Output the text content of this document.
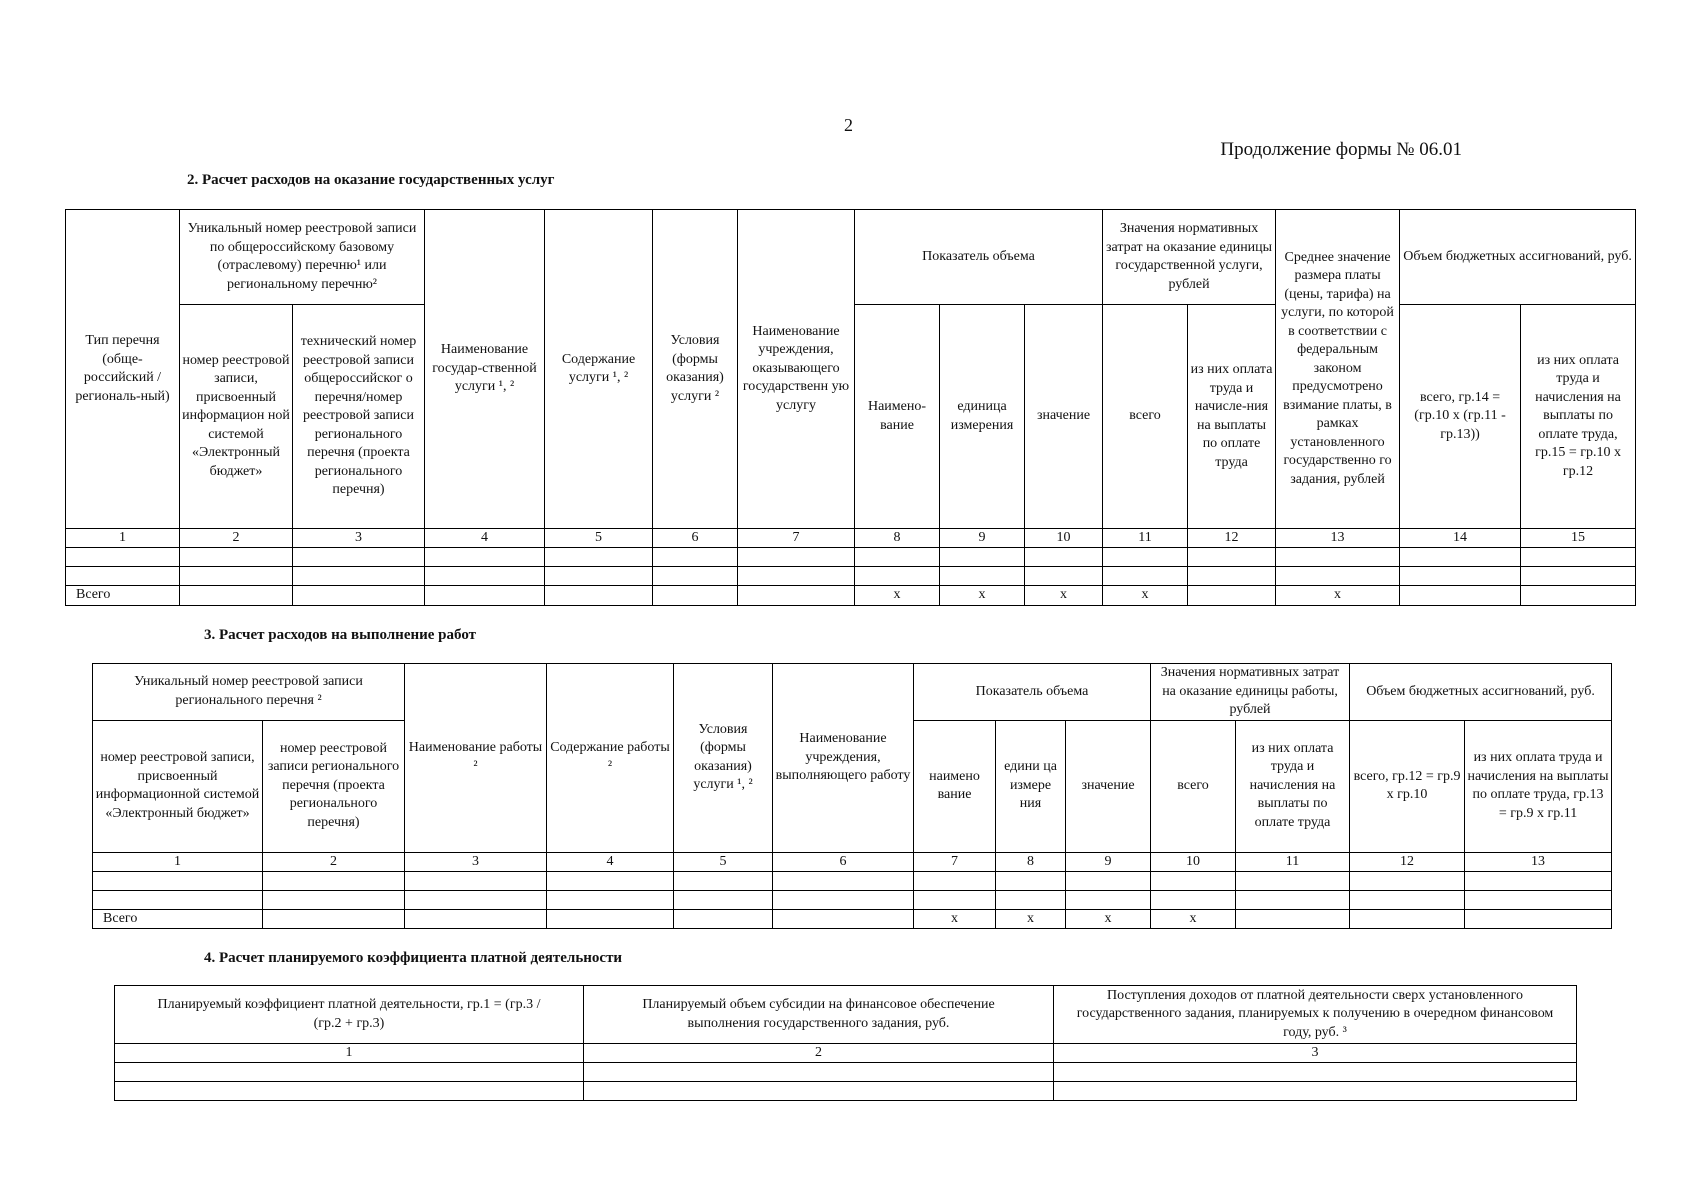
2
Продолжение формы № 06.01
2. Расчет расходов на оказание государственных услуг
Тип перечня (обще-российский / региональ-ный)	Уникальный номер реестровой записи по общероссийскому базовому (отраслевому) перечню¹ или региональному перечню²		Наименование государ-ственной услуги ¹, ²	Содержание услуги ¹, ²	Условия (формы оказания) услуги ²	Наименование учреждения, оказывающего государственн ую услугу	Показатель объема			Значения нормативных затрат на оказание единицы государственной услуги, рублей		Среднее значение размера платы (цены, тарифа) на услуги, по которой в соответствии с федеральным законом предусмотрено взимание платы, в рамках установленного государственно го задания, рублей	Объем бюджетных ассигнований, руб.	
	номер реестровой записи, присвоенный информацион ной системой «Электронный бюджет»	технический номер реестровой записи общероссийског о перечня/номер реестровой записи регионального перечня (проекта регионального перечня)					Наимено-вание	единица измерения	значение	всего	из них оплата труда и начисле-ния на выплаты по оплате труда		всего, гр.14 = (гр.10 x (гр.11 - гр.13))	из них оплата труда и начисления на выплаты по оплате труда, гр.15 = гр.10 x гр.12
1	2	3	4	5	6	7	8	9	10	11	12	13	14	15

Всего							x	x	x	x		x		
3. Расчет расходов на выполнение работ
Уникальный номер реестровой записи регионального перечня ²		Наименование работы ²	Содержание работы ²	Условия (формы оказания) услуги ¹, ²	Наименование учреждения, выполняющего работу	Показатель объема			Значения нормативных затрат на оказание единицы работы, рублей		Объем бюджетных ассигнований, руб.	
номер реестровой записи, присвоенный информационной системой «Электронный бюджет»	номер реестровой записи регионального перечня (проекта регионального перечня)					наимено вание	едини ца измере ния	значение	всего	из них оплата труда и начисления на выплаты по оплате труда	всего, гр.12 = гр.9 x гр.10	из них оплата труда и начисления на выплаты по оплате труда, гр.13 = гр.9 x гр.11
1	2	3	4	5	6	7	8	9	10	11	12	13

Всего						x	x	x	x			
4. Расчет планируемого коэффициента платной деятельности
Планируемый коэффициент платной деятельности, гр.1 = (гр.3 / (гр.2 + гр.3)	Планируемый объем субсидии на финансовое обеспечение выполнения государственного задания, руб.	Поступления доходов от платной деятельности сверх установленного государственного задания, планируемых к получению в очередном финансовом году, руб. ³
1	2	3
